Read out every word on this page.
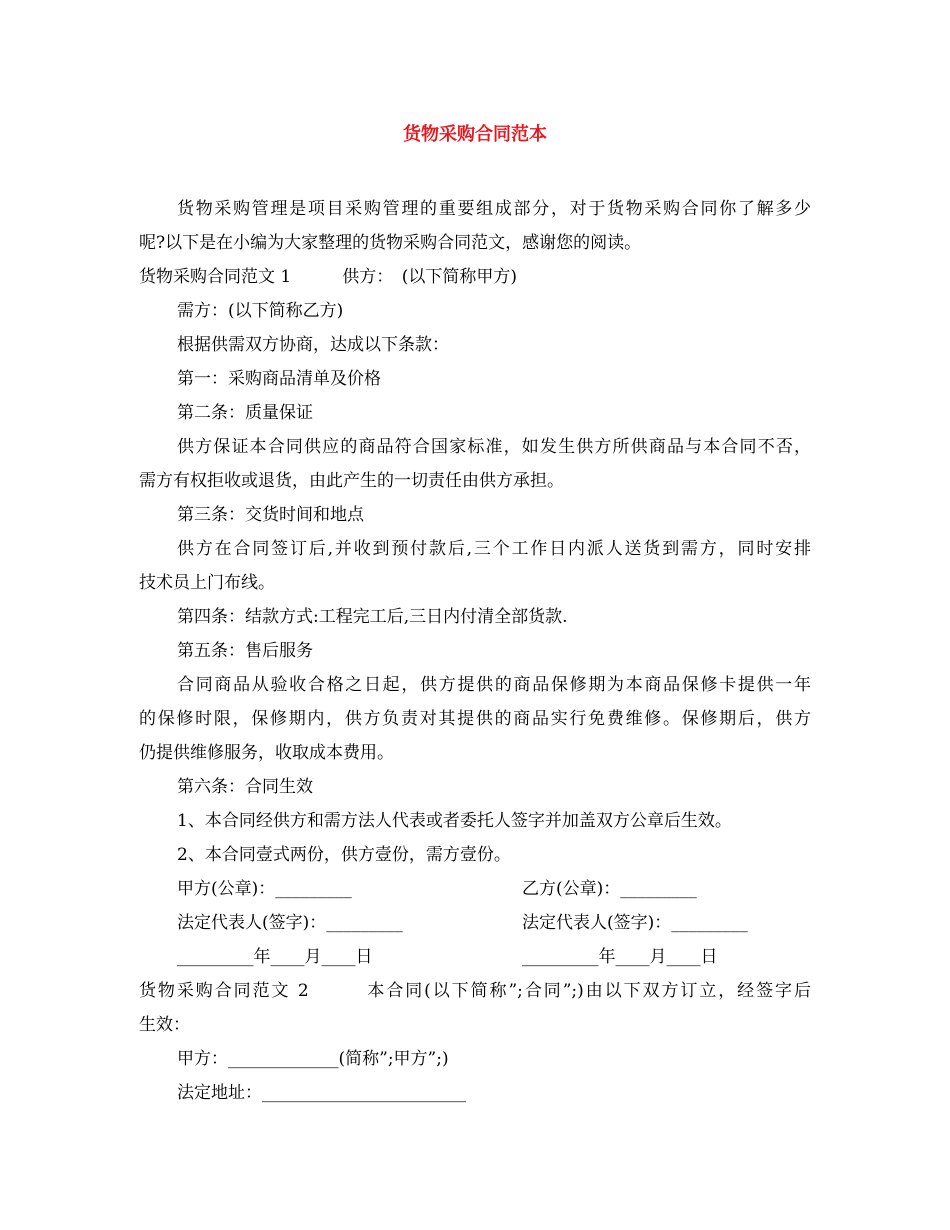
货物采购合同范本

货物采购管理是项目采购管理的重要组成部分，对于货物采购合同你了解多少

呢?以下是在小编为大家整理的货物采购合同范文，感谢您的阅读。

货物采购合同范文 1　　　供方：　(以下简称甲方)

需方：(以下简称乙方)

根据供需双方协商，达成以下条款：

第一：采购商品清单及价格

第二条：质量保证

供方保证本合同供应的商品符合国家标准，如发生供方所供商品与本合同不否，

需方有权拒收或退货，由此产生的一切责任由供方承担。

第三条：交货时间和地点

供方在合同签订后,并收到预付款后,三个工作日内派人送货到需方，同时安排

技术员上门布线。

第四条：结款方式:工程完工后,三日内付清全部货款.

第五条：售后服务

合同商品从验收合格之日起，供方提供的商品保修期为本商品保修卡提供一年

的保修时限，保修期内，供方负责对其提供的商品实行免费维修。保修期后，供方

仍提供维修服务，收取成本费用。

第六条：合同生效

1、本合同经供方和需方法人代表或者委托人签字并加盖双方公章后生效。

2、本合同壹式两份，供方壹份，需方壹份。

甲方(公章)：_________	乙方(公章)：_________
法定代表人(签字)：_________	法定代表人(签字)：_________
_________年____月____日	_________年____月____日

货物采购合同范文 2　　　本合同(以下简称”;合同”;)由以下双方订立，经签字后

生效：

甲方：_____________(简称”;甲方”;)

法定地址：________________________
